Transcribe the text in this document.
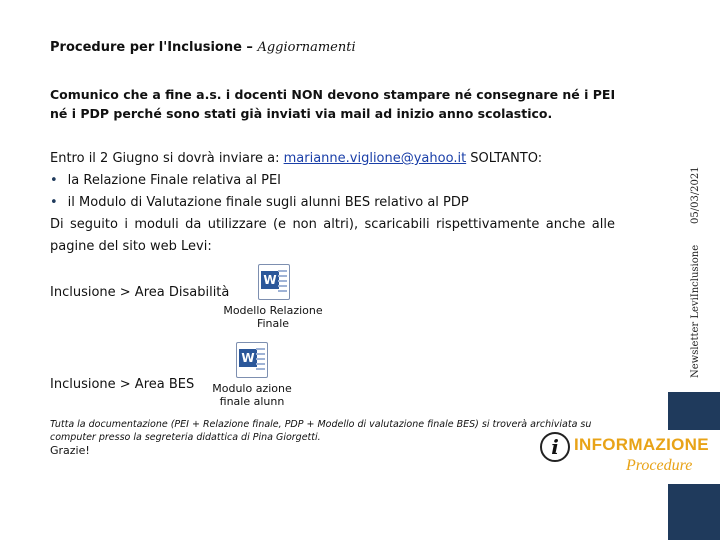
Procedure per l'Inclusione – Aggiornamenti
Comunico che a fine a.s. i docenti NON devono stampare né consegnare né i PEI né i PDP perché sono stati già inviati via mail ad inizio anno scolastico.
Entro il 2 Giugno si dovrà inviare a: marianne.viglione@yahoo.it SOLTANTO:
• la Relazione Finale relativa al PEI
• il Modulo di Valutazione finale sugli alunni BES relativo al PDP
Di seguito i moduli da utilizzare (e non altri), scaricabili rispettivamente anche alle pagine del sito web Levi:
Inclusione > Area Disabilità
W
Modello Relazione Finale
Inclusione > Area BES
W
Modulo azione finale alunn
Tutta la documentazione (PEI + Relazione finale, PDP + Modello di valutazione finale BES) si troverà archiviata su computer presso la segreteria didattica di Pina Giorgetti.
Grazie!
Newsletter LeviInclusione
05/03/2021
i INFORMAZIONE
Procedure
